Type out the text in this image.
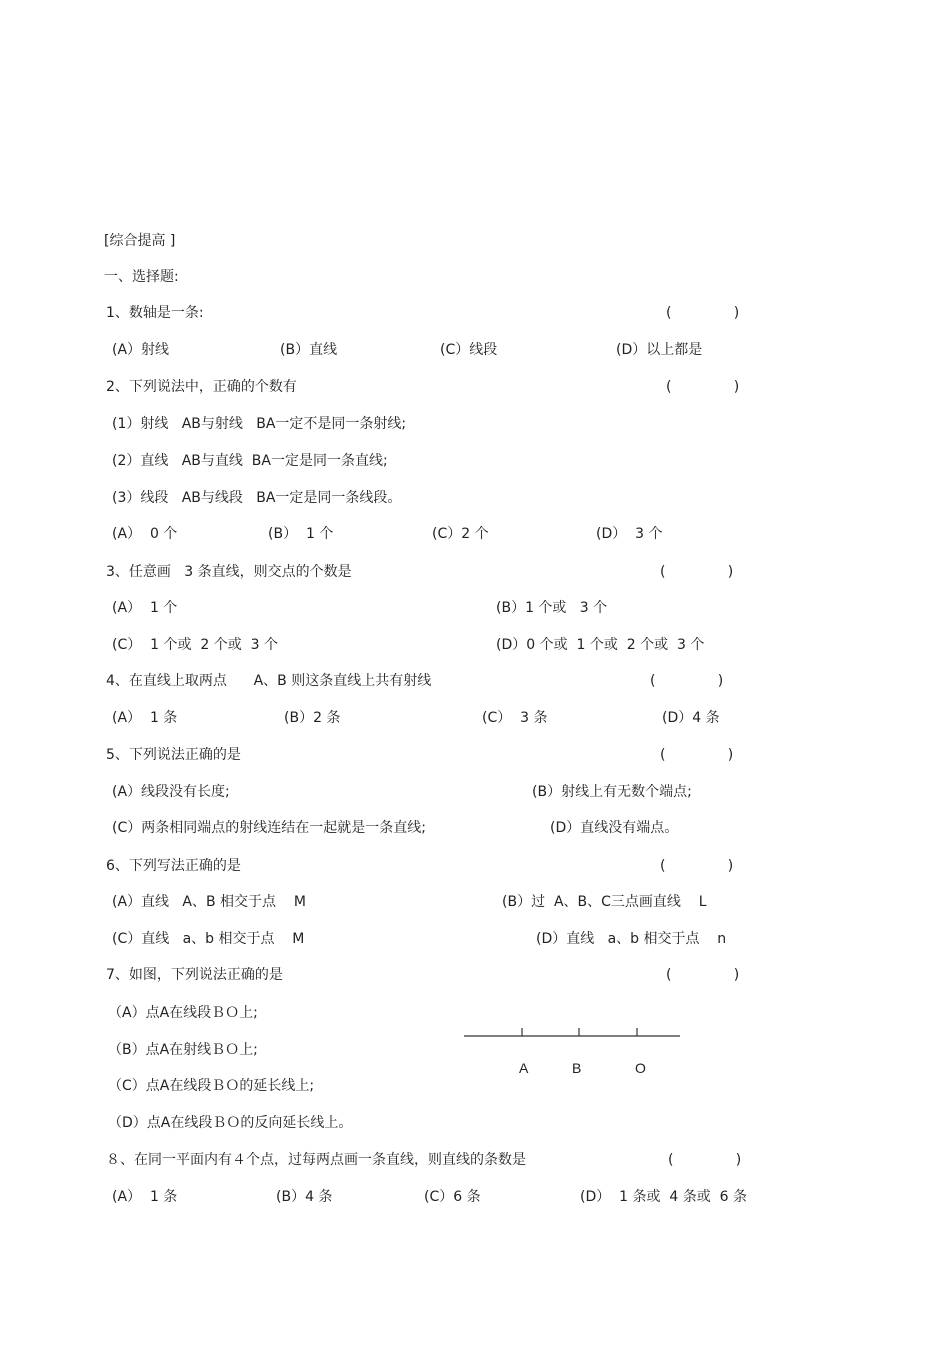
[综合提高 ]
一、选择题:
1、数轴是一条:	(              )
(A）射线	(B）直线	(C）线段	(D）以上都是
2、下列说法中，正确的个数有	(              )
(1）射线   AB与射线   BA一定不是同一条射线;
(2）直线   AB与直线  BA一定是同一条直线;
(3）线段   AB与线段   BA一定是同一条线段。
(A）  0 个	(B）  1 个	(C）2 个	(D）  3 个
3、任意画   3 条直线，则交点的个数是	(              )
(A）  1 个	(B）1 个或   3 个
(C）  1 个或  2 个或  3 个	(D）0 个或  1 个或  2 个或  3 个
4、在直线上取两点      A、B 则这条直线上共有射线	(              )
(A）  1 条	(B）2 条	(C）  3 条	(D）4 条
5、下列说法正确的是	(              )
(A）线段没有长度;	(B）射线上有无数个端点;
(C）两条相同端点的射线连结在一起就是一条直线;	(D）直线没有端点。
6、下列写法正确的是	(              )
(A）直线   A、B 相交于点    M	(B）过  A、B、C三点画直线    L
(C）直线   a、b 相交于点    M	(D）直线   a、b 相交于点    n
7、如图，下列说法正确的是	(              )
（A）点A在线段ＢＯ上;
（B）点A在射线ＢＯ上;
（C）点A在线段ＢＯ的延长线上;
（D）点A在线段ＢＯ的反向延长线上。
A	B	O
８、在同一平面内有４个点，过每两点画一条直线，则直线的条数是	(              )
(A）  1 条	(B）4 条	(C）6 条	(D）  1 条或  4 条或  6 条
